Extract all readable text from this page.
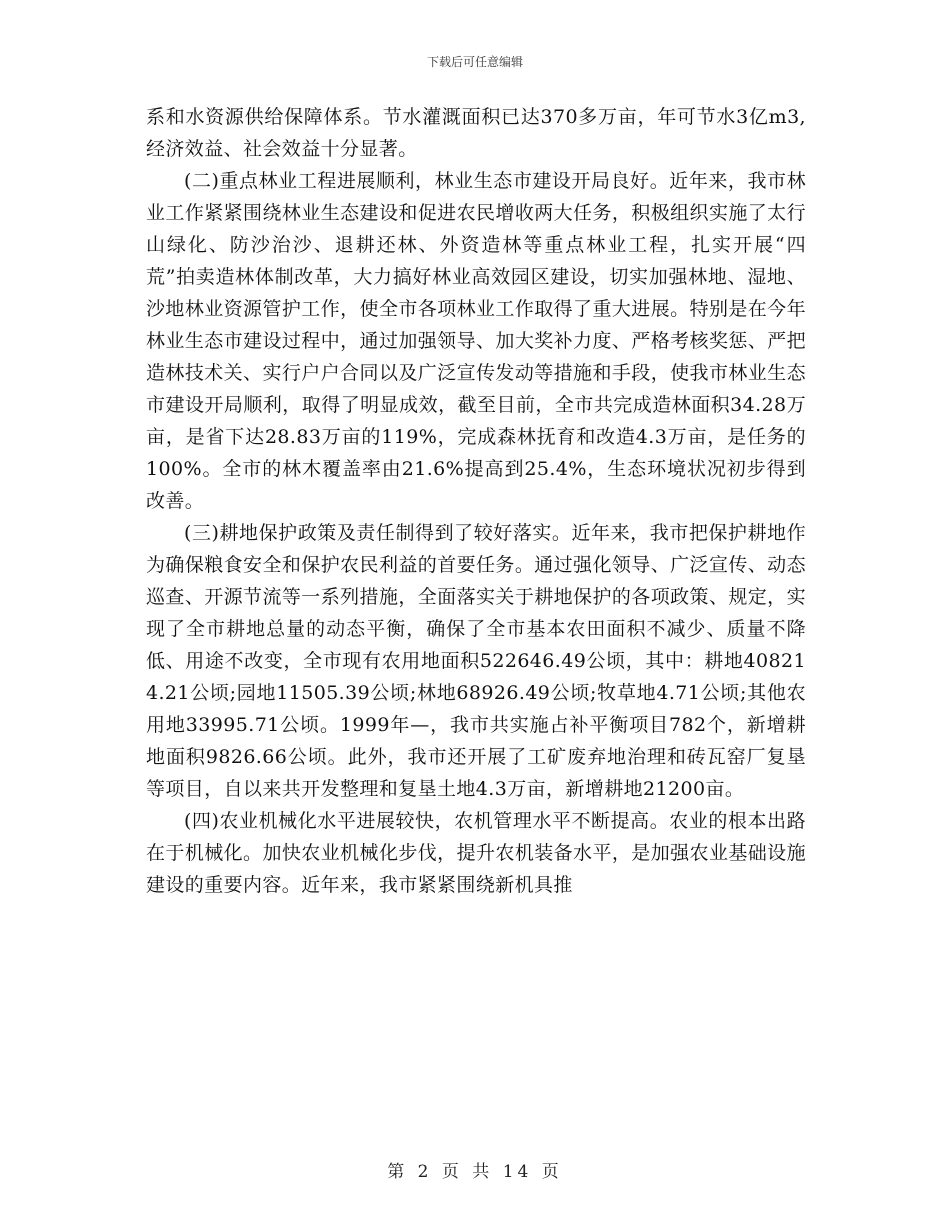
下载后可任意编辑

系和水资源供给保障体系。节水灌溉面积已达370多万亩，年可节水3亿m3,经济效益、社会效益十分显著。

(二)重点林业工程进展顺利，林业生态市建设开局良好。近年来，我市林业工作紧紧围绕林业生态建设和促进农民增收两大任务，积极组织实施了太行山绿化、防沙治沙、退耕还林、外资造林等重点林业工程，扎实开展“四荒”拍卖造林体制改革，大力搞好林业高效园区建设，切实加强林地、湿地、沙地林业资源管护工作，使全市各项林业工作取得了重大进展。特别是在今年林业生态市建设过程中，通过加强领导、加大奖补力度、严格考核奖惩、严把造林技术关、实行户户合同以及广泛宣传发动等措施和手段，使我市林业生态市建设开局顺利，取得了明显成效，截至目前，全市共完成造林面积34.28万亩，是省下达28.83万亩的119%，完成森林抚育和改造4.3万亩，是任务的100%。全市的林木覆盖率由21.6%提高到25.4%，生态环境状况初步得到改善。

(三)耕地保护政策及责任制得到了较好落实。近年来，我市把保护耕地作为确保粮食安全和保护农民利益的首要任务。通过强化领导、广泛宣传、动态巡查、开源节流等一系列措施，全面落实关于耕地保护的各项政策、规定，实现了全市耕地总量的动态平衡，确保了全市基本农田面积不减少、质量不降低、用途不改变，全市现有农用地面积522646.49公顷，其中：耕地408214.21公顷;园地11505.39公顷;林地68926.49公顷;牧草地4.71公顷;其他农用地33995.71公顷。1999年—，我市共实施占补平衡项目782个，新增耕地面积9826.66公顷。此外，我市还开展了工矿废弃地治理和砖瓦窑厂复垦等项目，自以来共开发整理和复垦土地4.3万亩，新增耕地21200亩。

(四)农业机械化水平进展较快，农机管理水平不断提高。农业的根本出路在于机械化。加快农业机械化步伐，提升农机装备水平，是加强农业基础设施建设的重要内容。近年来，我市紧紧围绕新机具推

第 2 页 共 14 页
